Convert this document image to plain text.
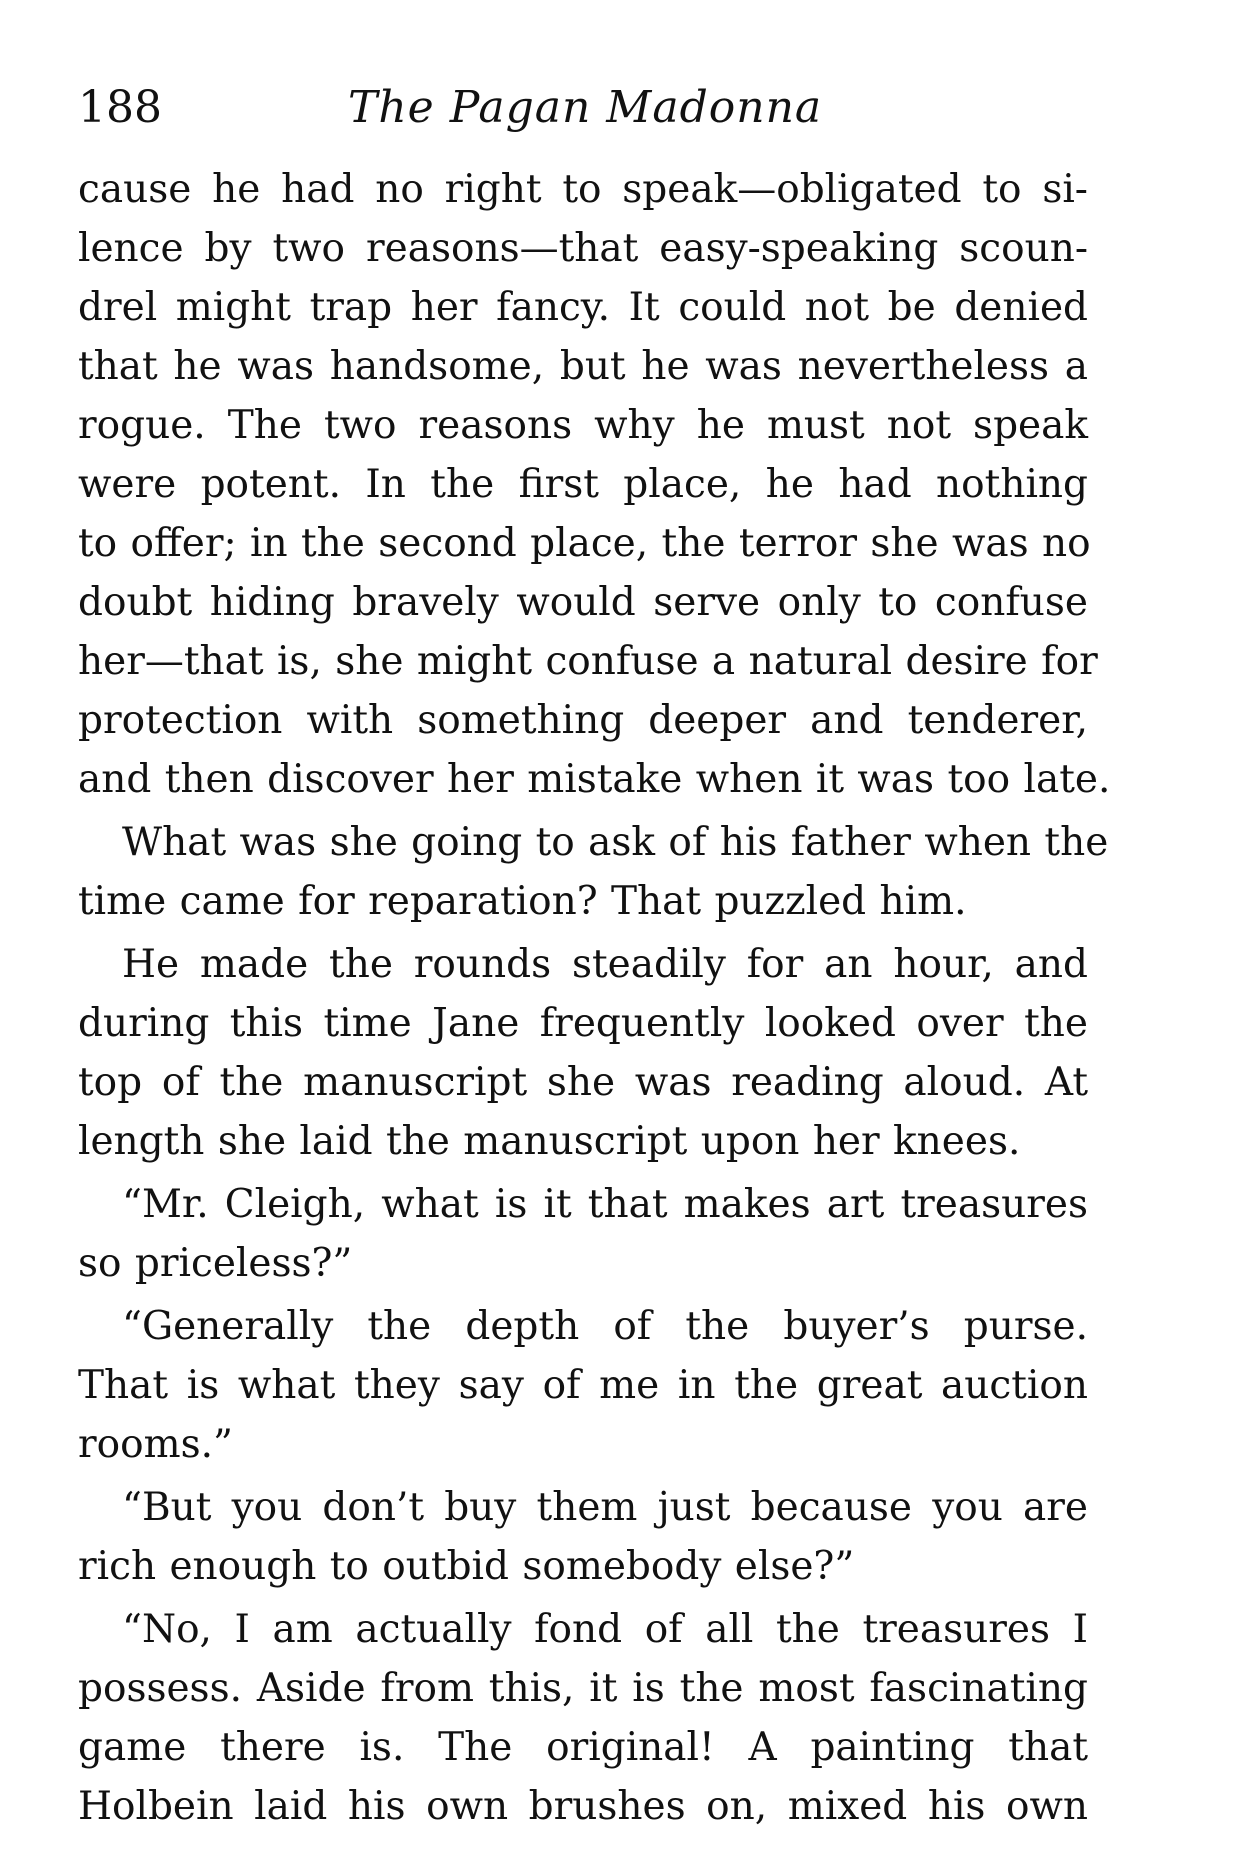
188	The Pagan Madonna
cause he had no right to speak—obligated to si-
lence by two reasons—that easy-speaking scoun-
drel might trap her fancy. It could not be denied
that he was handsome, but he was nevertheless a
rogue. The two reasons why he must not speak
were potent. In the first place, he had nothing
to offer; in the second place, the terror she was no
doubt hiding bravely would serve only to confuse
her—that is, she might confuse a natural desire for
protection with something deeper and tenderer,
and then discover her mistake when it was too late.
What was she going to ask of his father when the
time came for reparation? That puzzled him.
He made the rounds steadily for an hour, and
during this time Jane frequently looked over the
top of the manuscript she was reading aloud. At
length she laid the manuscript upon her knees.
“Mr. Cleigh, what is it that makes art treasures
so priceless?”
“Generally the depth of the buyer’s purse.
That is what they say of me in the great auction
rooms.”
“But you don’t buy them just because you are
rich enough to outbid somebody else?”
“No, I am actually fond of all the treasures I
possess. Aside from this, it is the most fascinating
game there is. The original! A painting that
Holbein laid his own brushes on, mixed his own
